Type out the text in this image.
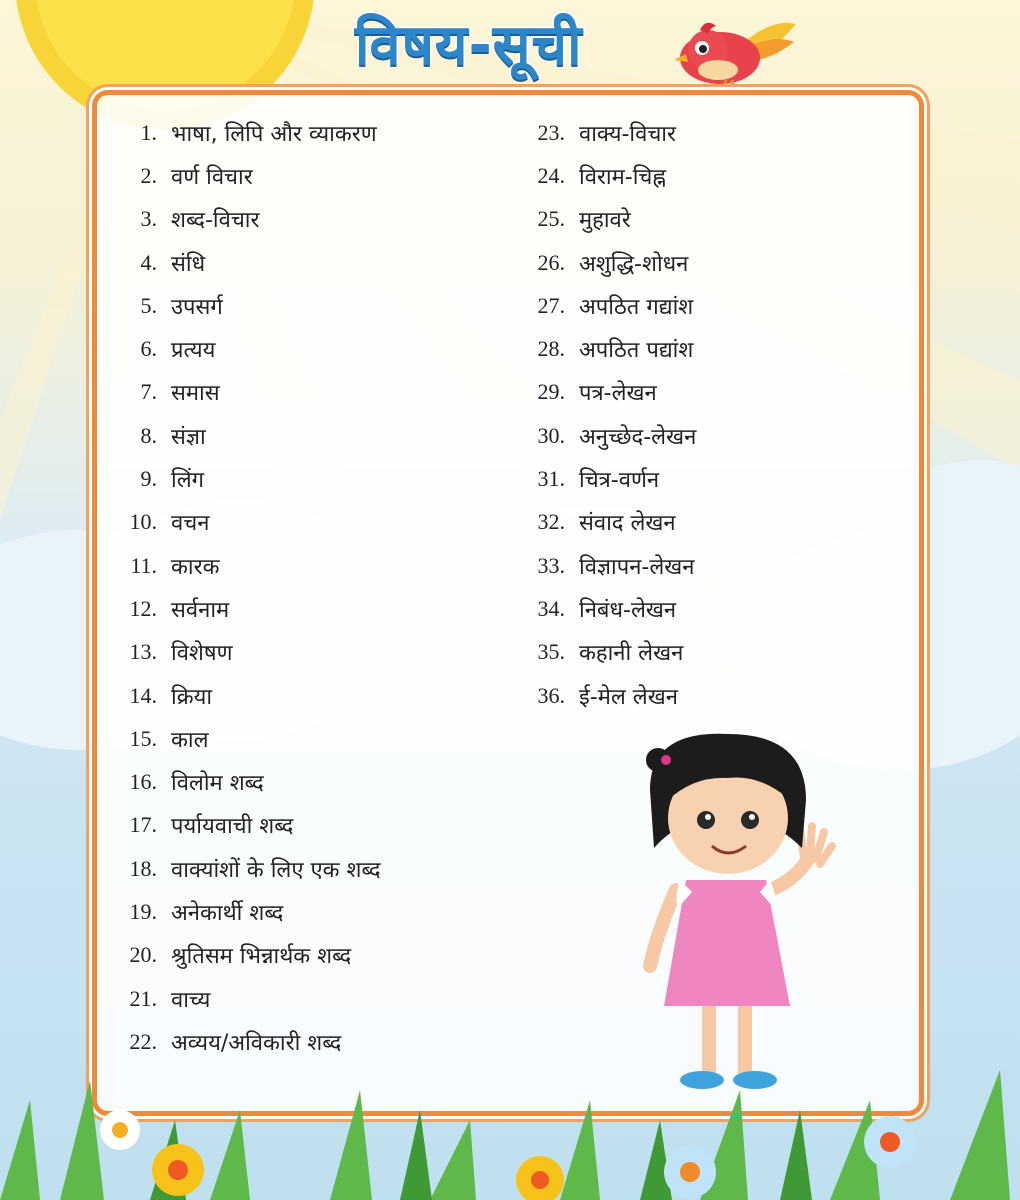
विषय-सूची
1. भाषा, लिपि और व्याकरण
2. वर्ण विचार
3. शब्द-विचार
4. संधि
5. उपसर्ग
6. प्रत्यय
7. समास
8. संज्ञा
9. लिंग
10. वचन
11. कारक
12. सर्वनाम
13. विशेषण
14. क्रिया
15. काल
16. विलोम शब्द
17. पर्यायवाची शब्द
18. वाक्यांशों के लिए एक शब्द
19. अनेकार्थी शब्द
20. श्रुतिसम भिन्नार्थक शब्द
21. वाच्य
22. अव्यय/अविकारी शब्द
23. वाक्य-विचार
24. विराम-चिह्न
25. मुहावरे
26. अशुद्धि-शोधन
27. अपठित गद्यांश
28. अपठित पद्यांश
29. पत्र-लेखन
30. अनुच्छेद-लेखन
31. चित्र-वर्णन
32. संवाद लेखन
33. विज्ञापन-लेखन
34. निबंध-लेखन
35. कहानी लेखन
36. ई-मेल लेखन
